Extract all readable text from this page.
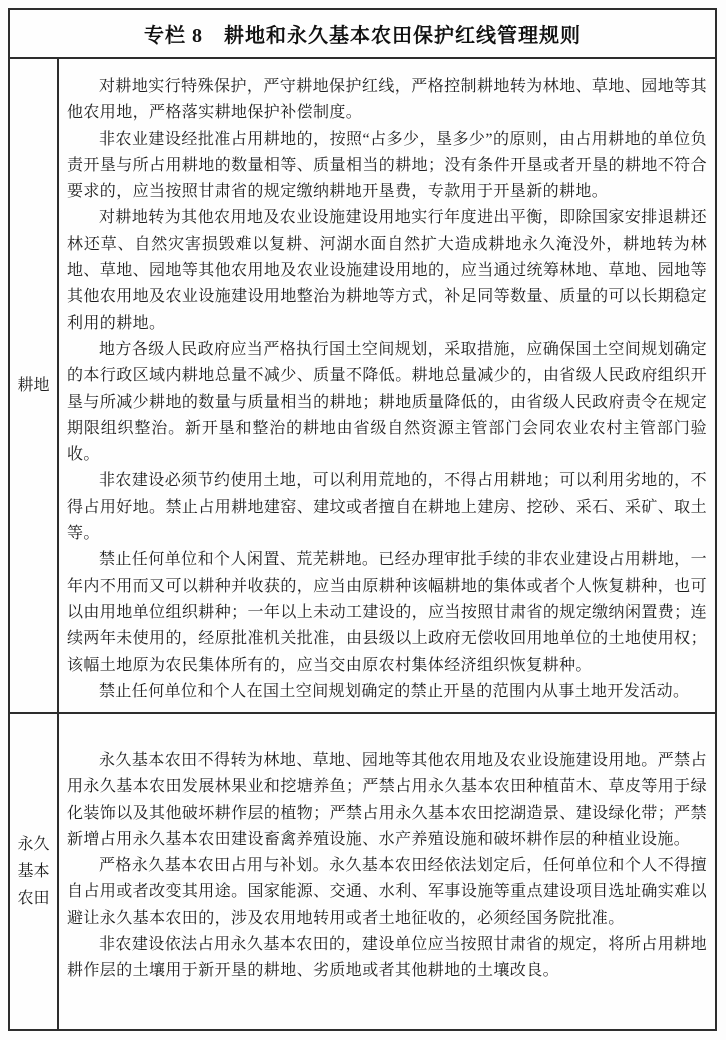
专栏 8　耕地和永久基本农田保护红线管理规则
耕地

对耕地实行特殊保护，严守耕地保护红线，严格控制耕地转为林地、草地、园地等其他农用地，严格落实耕地保护补偿制度。

非农业建设经批准占用耕地的，按照“占多少，垦多少”的原则，由占用耕地的单位负责开垦与所占用耕地的数量相等、质量相当的耕地；没有条件开垦或者开垦的耕地不符合要求的，应当按照甘肃省的规定缴纳耕地开垦费，专款用于开垦新的耕地。

对耕地转为其他农用地及农业设施建设用地实行年度进出平衡，即除国家安排退耕还林还草、自然灾害损毁难以复耕、河湖水面自然扩大造成耕地永久淹没外，耕地转为林地、草地、园地等其他农用地及农业设施建设用地的，应当通过统筹林地、草地、园地等其他农用地及农业设施建设用地整治为耕地等方式，补足同等数量、质量的可以长期稳定利用的耕地。

地方各级人民政府应当严格执行国土空间规划，采取措施，应确保国土空间规划确定的本行政区域内耕地总量不减少、质量不降低。耕地总量减少的，由省级人民政府组织开垦与所减少耕地的数量与质量相当的耕地；耕地质量降低的，由省级人民政府责令在规定期限组织整治。新开垦和整治的耕地由省级自然资源主管部门会同农业农村主管部门验收。

非农建设必须节约使用土地，可以利用荒地的，不得占用耕地；可以利用劣地的，不得占用好地。禁止占用耕地建窑、建坟或者擅自在耕地上建房、挖砂、采石、采矿、取土等。

禁止任何单位和个人闲置、荒芜耕地。已经办理审批手续的非农业建设占用耕地，一年内不用而又可以耕种并收获的，应当由原耕种该幅耕地的集体或者个人恢复耕种，也可以由用地单位组织耕种；一年以上未动工建设的，应当按照甘肃省的规定缴纳闲置费；连续两年未使用的，经原批准机关批准，由县级以上政府无偿收回用地单位的土地使用权；该幅土地原为农民集体所有的，应当交由原农村集体经济组织恢复耕种。

禁止任何单位和个人在国土空间规划确定的禁止开垦的范围内从事土地开发活动。

永久基本农田

永久基本农田不得转为林地、草地、园地等其他农用地及农业设施建设用地。严禁占用永久基本农田发展林果业和挖塘养鱼；严禁占用永久基本农田种植苗木、草皮等用于绿化装饰以及其他破坏耕作层的植物；严禁占用永久基本农田挖湖造景、建设绿化带；严禁新增占用永久基本农田建设畜禽养殖设施、水产养殖设施和破坏耕作层的种植业设施。

严格永久基本农田占用与补划。永久基本农田经依法划定后，任何单位和个人不得擅自占用或者改变其用途。国家能源、交通、水利、军事设施等重点建设项目选址确实难以避让永久基本农田的，涉及农用地转用或者土地征收的，必须经国务院批准。

非农建设依法占用永久基本农田的，建设单位应当按照甘肃省的规定，将所占用耕地耕作层的土壤用于新开垦的耕地、劣质地或者其他耕地的土壤改良。
